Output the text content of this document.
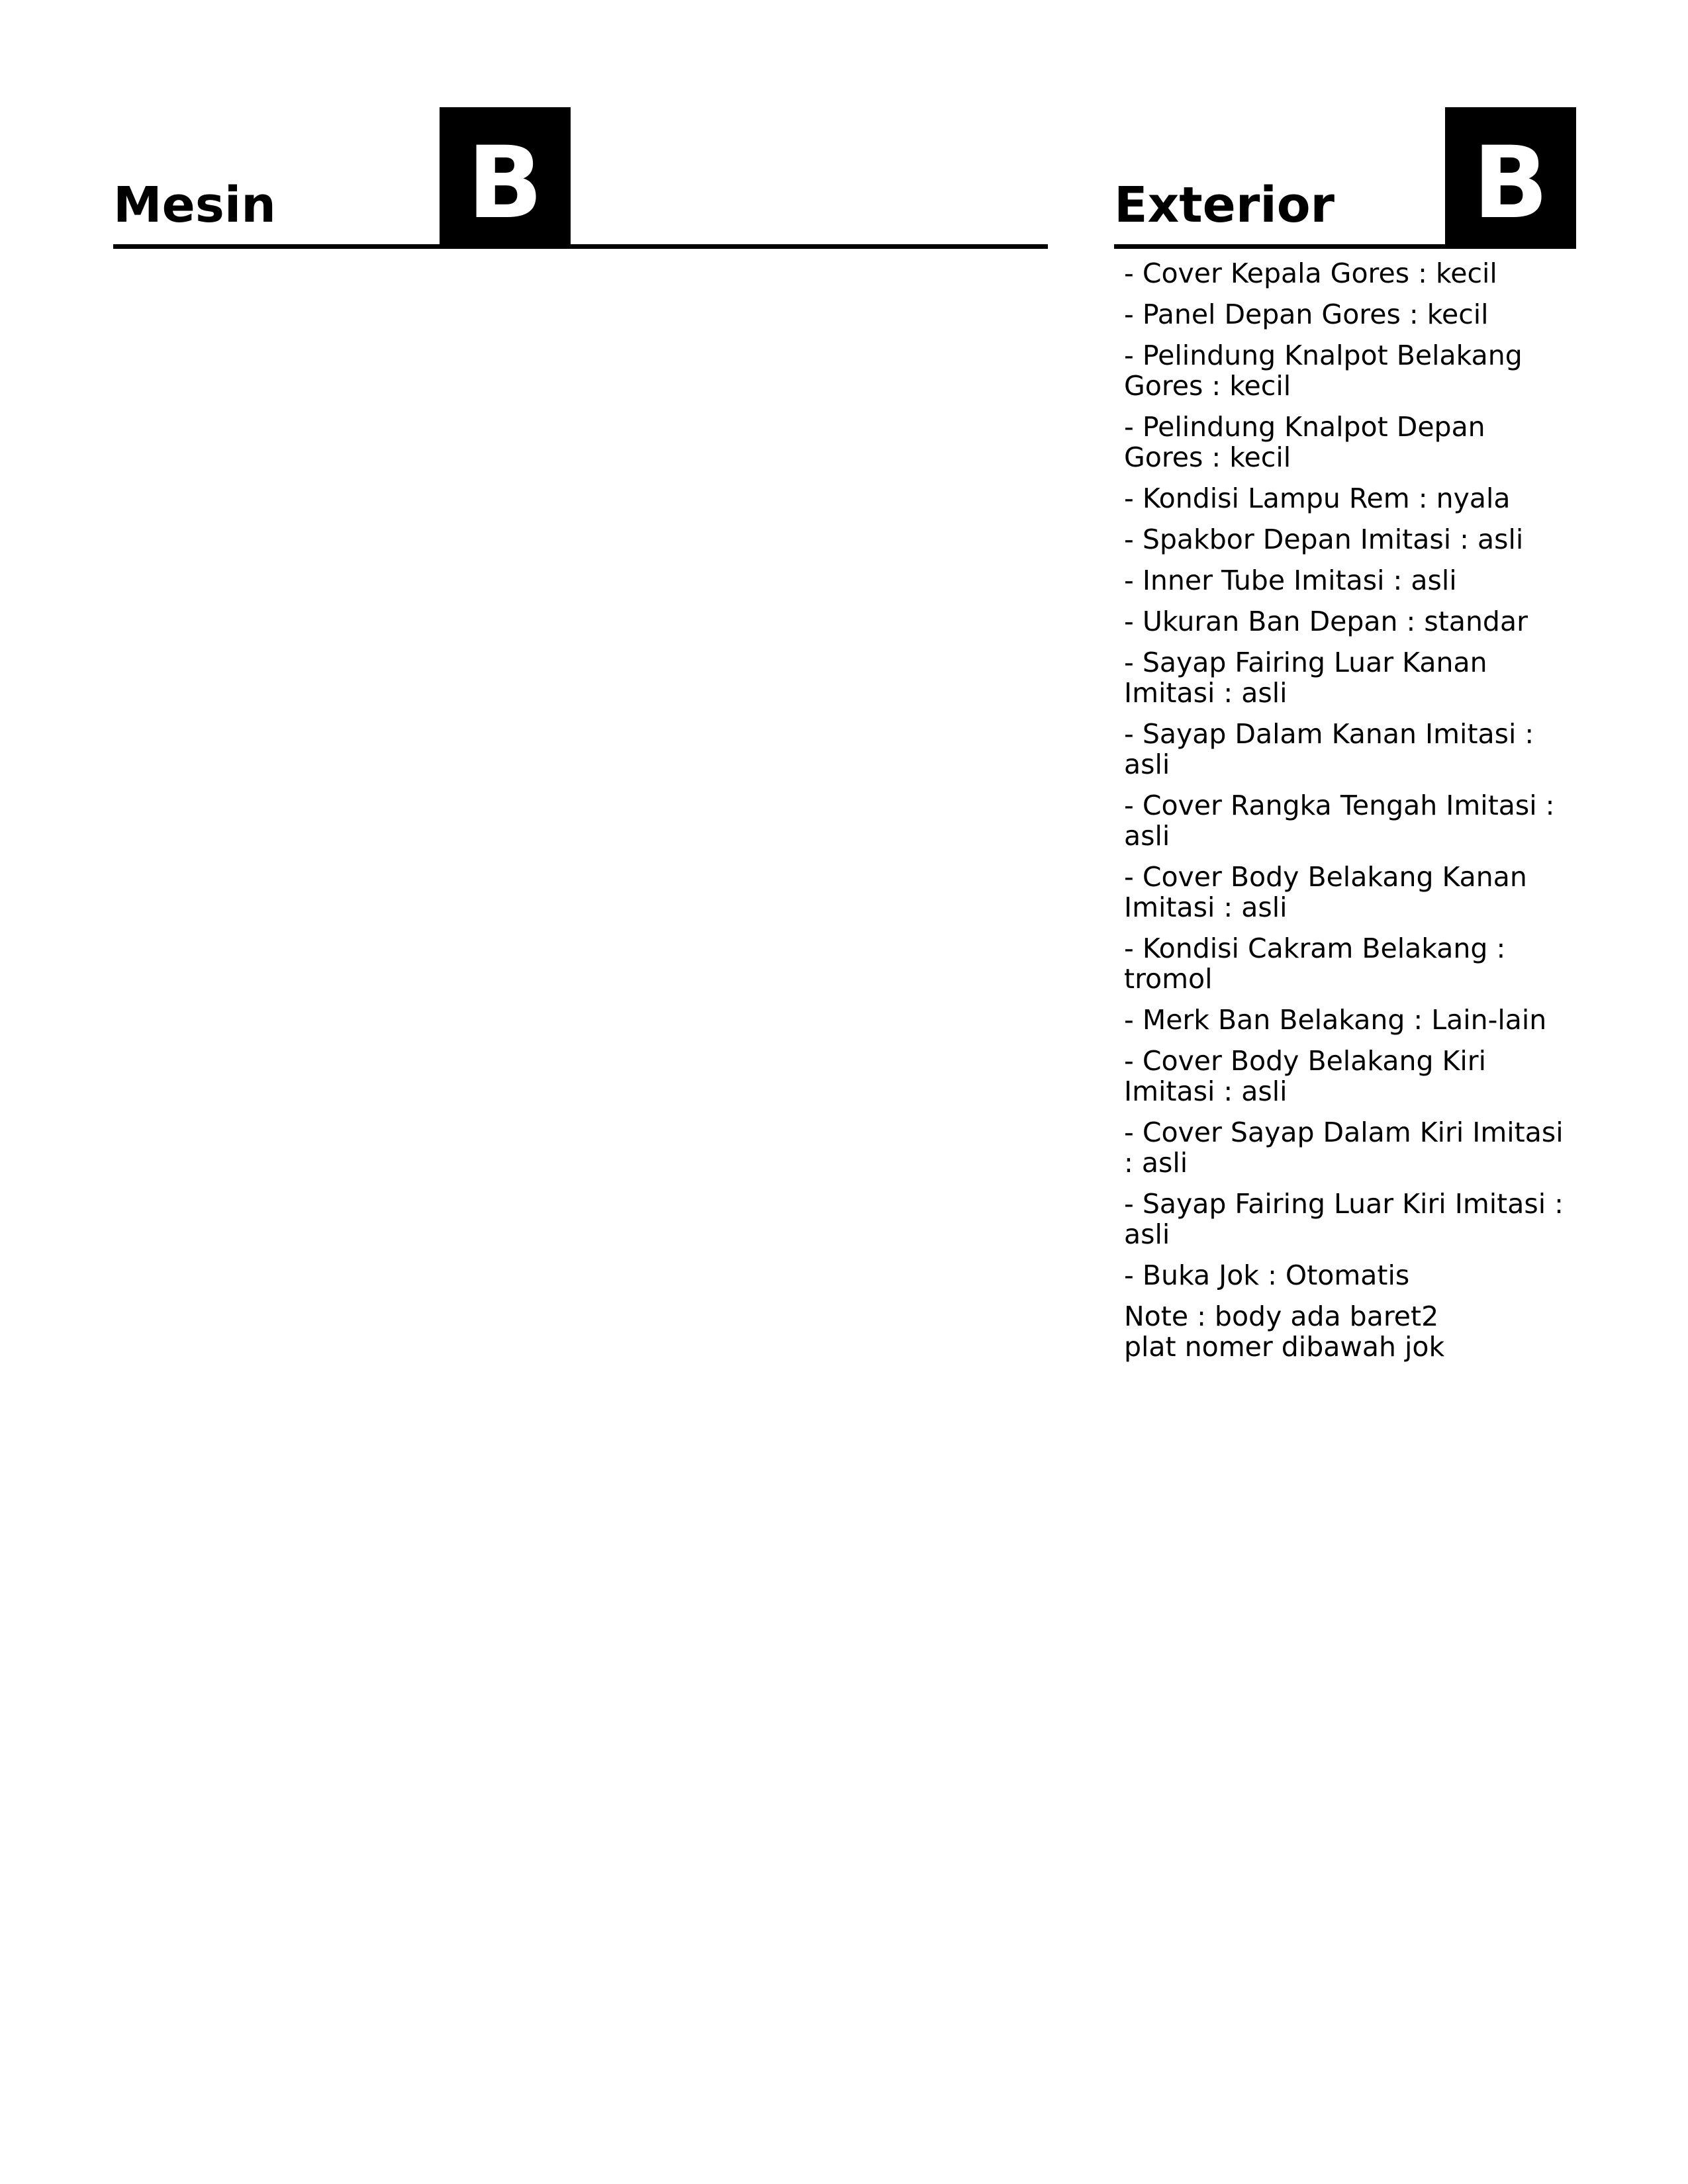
Mesin B	Exterior B
- Cover Kepala Gores : kecil
- Panel Depan Gores : kecil
- Pelindung Knalpot Belakang Gores : kecil
- Pelindung Knalpot Depan Gores : kecil
- Kondisi Lampu Rem : nyala
- Spakbor Depan Imitasi : asli
- Inner Tube Imitasi : asli
- Ukuran Ban Depan : standar
- Sayap Fairing Luar Kanan Imitasi : asli
- Sayap Dalam Kanan Imitasi : asli
- Cover Rangka Tengah Imitasi : asli
- Cover Body Belakang Kanan Imitasi : asli
- Kondisi Cakram Belakang : tromol
- Merk Ban Belakang : Lain-lain
- Cover Body Belakang Kiri Imitasi : asli
- Cover Sayap Dalam Kiri Imitasi : asli
- Sayap Fairing Luar Kiri Imitasi : asli
- Buka Jok : Otomatis
Note : body ada baret2
plat nomer dibawah jok
